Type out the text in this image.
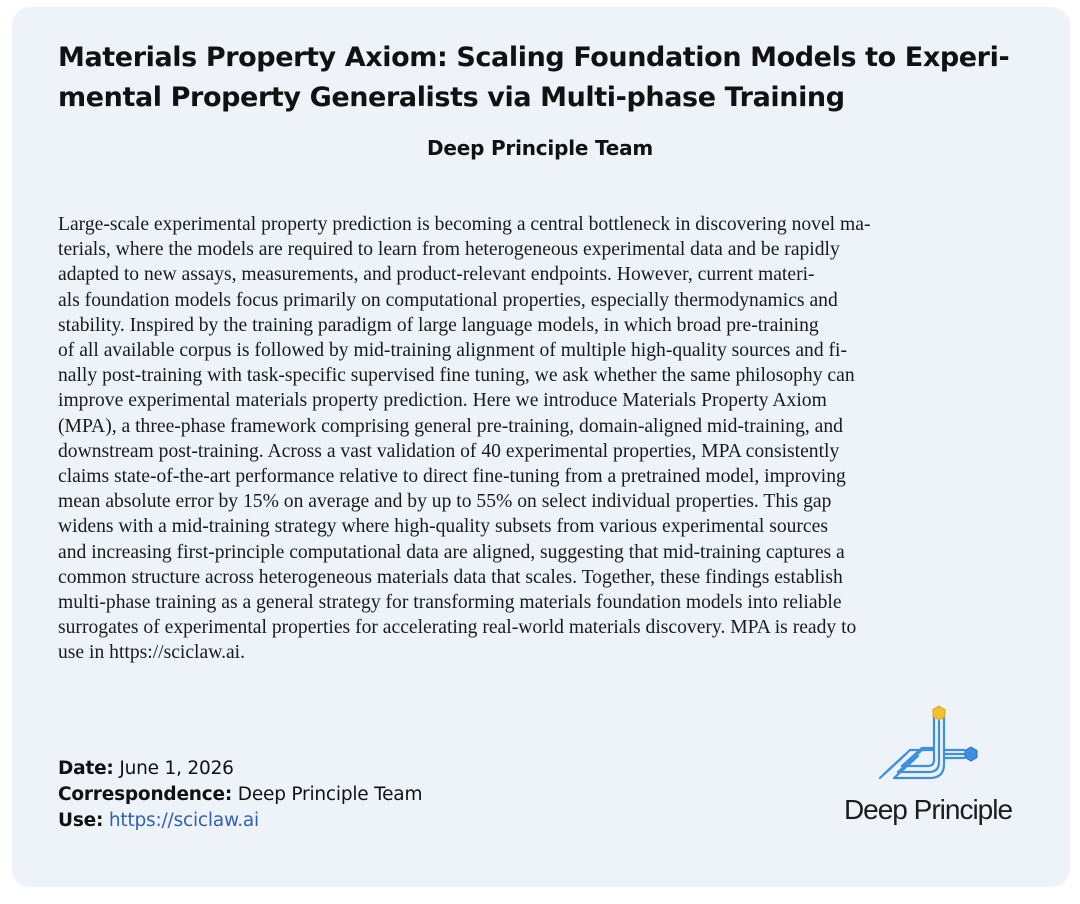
Materials Property Axiom: Scaling Foundation Models to Experi-
mental Property Generalists via Multi-phase Training
Deep Principle Team
Large-scale experimental property prediction is becoming a central bottleneck in discovering novel ma-
terials, where the models are required to learn from heterogeneous experimental data and be rapidly
adapted to new assays, measurements, and product-relevant endpoints. However, current materi-
als foundation models focus primarily on computational properties, especially thermodynamics and
stability. Inspired by the training paradigm of large language models, in which broad pre-training
of all available corpus is followed by mid-training alignment of multiple high-quality sources and fi-
nally post-training with task-specific supervised fine tuning, we ask whether the same philosophy can
improve experimental materials property prediction. Here we introduce Materials Property Axiom
(MPA), a three-phase framework comprising general pre-training, domain-aligned mid-training, and
downstream post-training. Across a vast validation of 40 experimental properties, MPA consistently
claims state-of-the-art performance relative to direct fine-tuning from a pretrained model, improving
mean absolute error by 15% on average and by up to 55% on select individual properties. This gap
widens with a mid-training strategy where high-quality subsets from various experimental sources
and increasing first-principle computational data are aligned, suggesting that mid-training captures a
common structure across heterogeneous materials data that scales. Together, these findings establish
multi-phase training as a general strategy for transforming materials foundation models into reliable
surrogates of experimental properties for accelerating real-world materials discovery. MPA is ready to
use in https://sciclaw.ai.
Date: June 1, 2026
Correspondence: Deep Principle Team
Use: https://sciclaw.ai	Deep Principle
